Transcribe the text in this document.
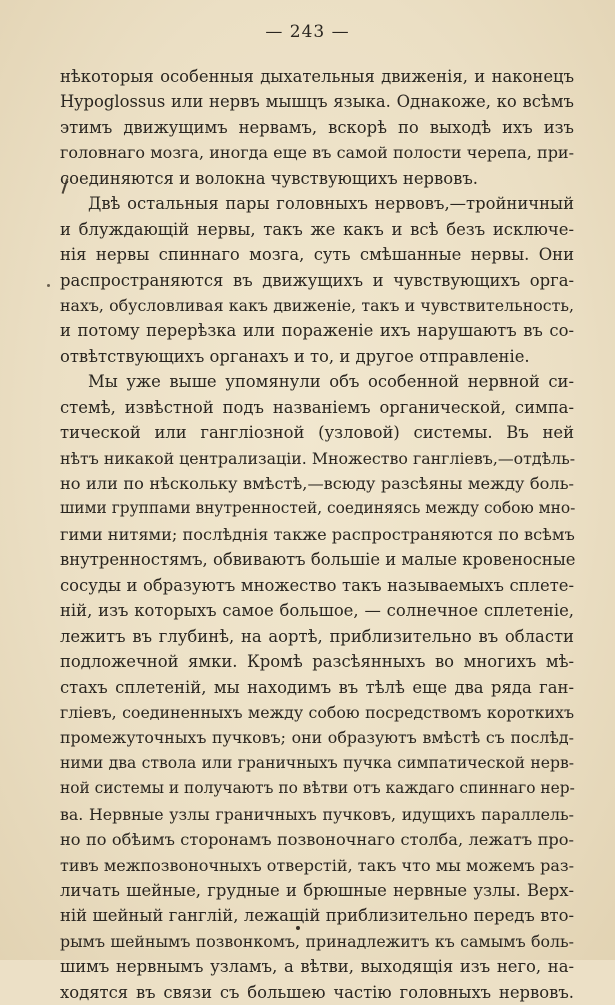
— 243 —
нѣкоторыя особенныя дыхательныя движенія, и наконецъ
Hypoglossus или нервъ мышцъ языка. Однакоже, ко всѣмъ
этимъ движущимъ нервамъ, вскорѣ по выходѣ ихъ изъ
головнаго мозга, иногда еще въ самой полости черепа, при-
соединяются и волокна чувствующихъ нервовъ.
Двѣ остальныя пары головныхъ нервовъ,—тройничный
и блуждающій нервы, такъ же какъ и всѣ безъ исключе-
нія нервы спиннаго мозга, суть смѣшанные нервы. Они
распространяются въ движущихъ и чувствующихъ орга-
нахъ, обусловливая какъ движеніе, такъ и чувствительность,
и потому перерѣзка или пораженіе ихъ нарушаютъ въ со-
отвѣтствующихъ органахъ и то, и другое отправленіе.
Мы уже выше упомянули объ особенной нервной си-
стемѣ, извѣстной подъ названіемъ органической, симпа-
тической или ганглiозной (узловой) системы. Въ ней
нѣтъ никакой централизаціи. Множество гангліевъ,—отдѣль-
но или по нѣскольку вмѣстѣ,—всюду разсѣяны между боль-
шими группами внутренностей, соединяясь между собою мно-
гими нитями; послѣднія также распространяются по всѣмъ
внутренностямъ, обвиваютъ большіе и малые кровеносные
сосуды и образуютъ множество такъ называемыхъ сплете-
ній, изъ которыхъ самое большое, — солнечное сплетеніе,
лежитъ въ глубинѣ, на аортѣ, приблизительно въ области
подложечной ямки. Кромѣ разсѣянныхъ во многихъ мѣ-
стахъ сплетеній, мы находимъ въ тѣлѣ еще два ряда ган-
гліевъ, соединенныхъ между собою посредствомъ короткихъ
промежуточныхъ пучковъ; они образуютъ вмѣстѣ съ послѣд-
ними два ствола или граничныхъ пучка симпатической нерв-
ной системы и получаютъ по вѣтви отъ каждаго спиннаго нер-
ва. Нервные узлы граничныхъ пучковъ, идущихъ параллель-
но по обѣимъ сторонамъ позвоночнаго столба, лежатъ про-
тивъ межпозвоночныхъ отверстій, такъ что мы можемъ раз-
личать шейные, грудные и брюшные нервные узлы. Верх-
ній шейный ганглій, лежащій приблизительно передъ вто-
рымъ шейнымъ позвонкомъ, принадлежитъ къ самымъ боль-
шимъ нервнымъ узламъ, а вѣтви, выходящія изъ него, на-
ходятся въ связи съ большею частію головныхъ нервовъ.
